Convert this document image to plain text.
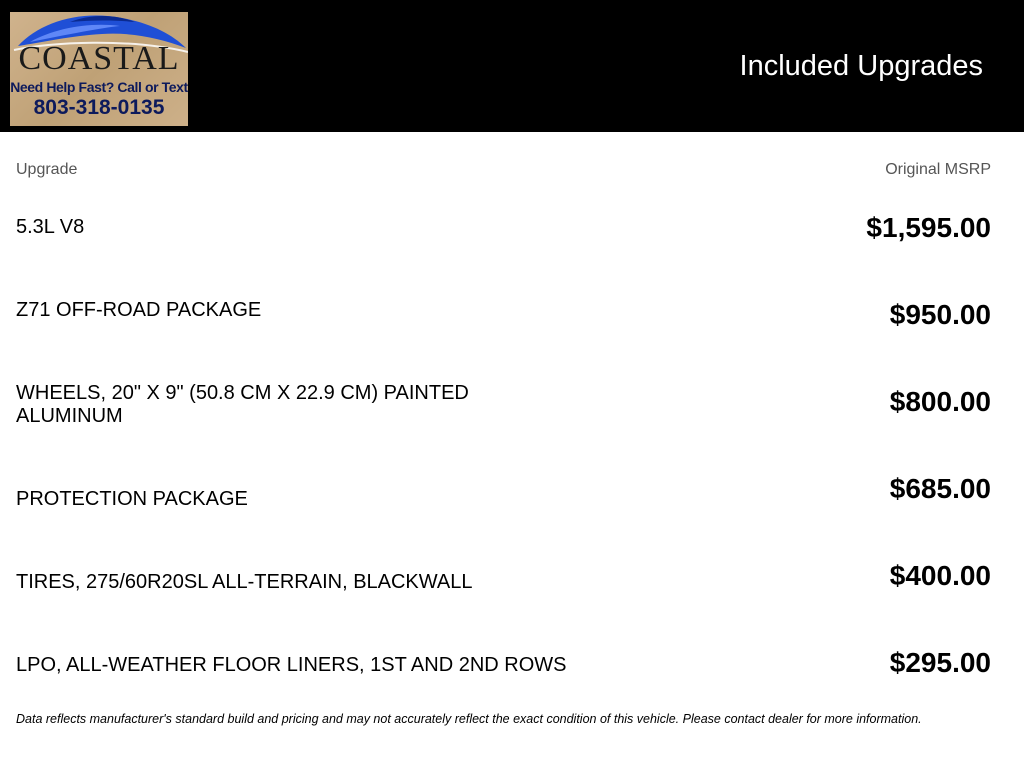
COASTAL
Need Help Fast? Call or Text
803-318-0135
Included Upgrades
Upgrade	Original MSRP
5.3L V8	$1,595.00
Z71 OFF-ROAD PACKAGE	$950.00
WHEELS, 20" X 9" (50.8 CM X 22.9 CM) PAINTED ALUMINUM	$800.00
PROTECTION PACKAGE	$685.00
TIRES, 275/60R20SL ALL-TERRAIN, BLACKWALL	$400.00
LPO, ALL-WEATHER FLOOR LINERS, 1ST AND 2ND ROWS	$295.00
Data reflects manufacturer's standard build and pricing and may not accurately reflect the exact condition of this vehicle. Please contact dealer for more information.
